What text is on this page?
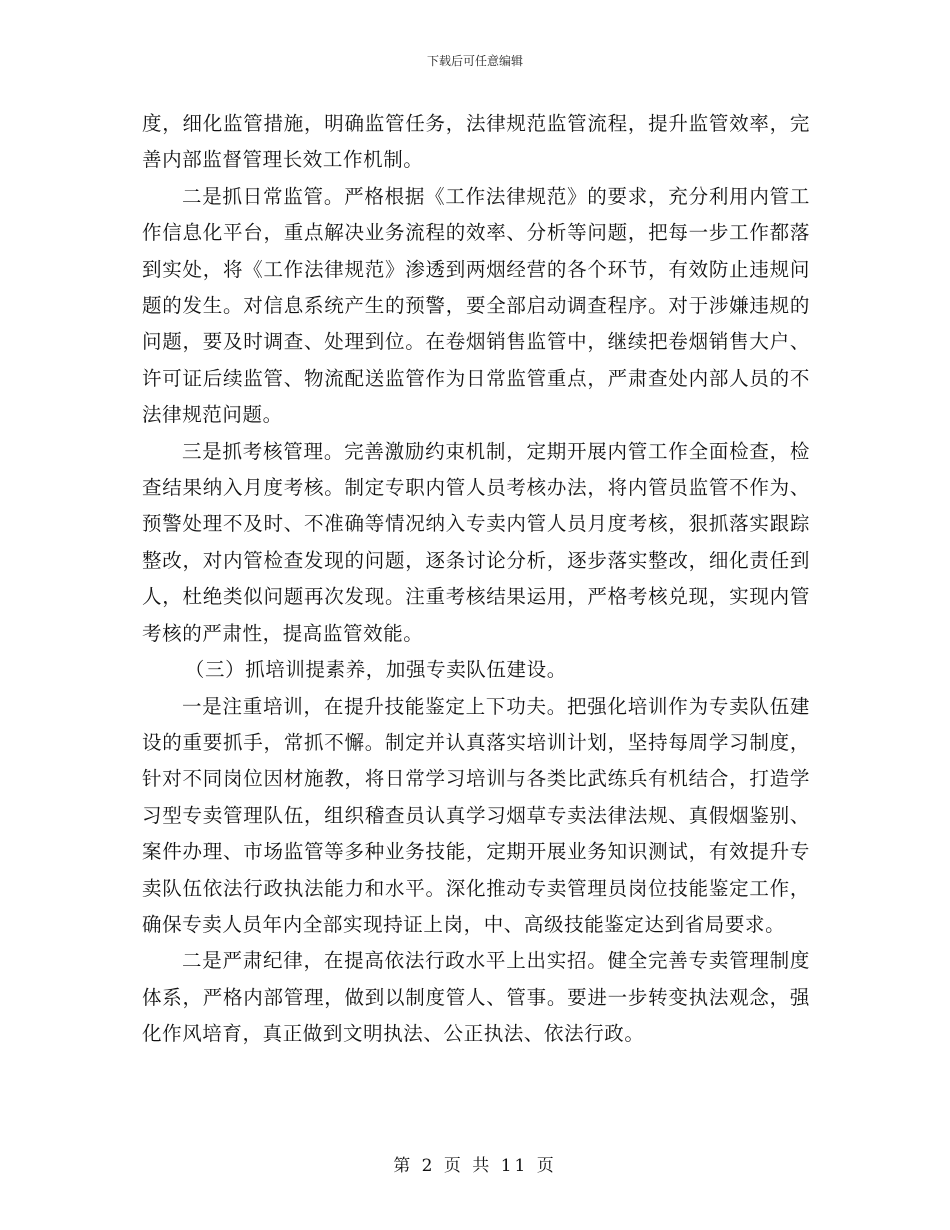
下载后可任意编辑

度，细化监管措施，明确监管任务，法律规范监管流程，提升监管效率，完善内部监督管理长效工作机制。

二是抓日常监管。严格根据《工作法律规范》的要求，充分利用内管工作信息化平台，重点解决业务流程的效率、分析等问题，把每一步工作都落到实处，将《工作法律规范》渗透到两烟经营的各个环节，有效防止违规问题的发生。对信息系统产生的预警，要全部启动调查程序。对于涉嫌违规的问题，要及时调查、处理到位。在卷烟销售监管中，继续把卷烟销售大户、许可证后续监管、物流配送监管作为日常监管重点，严肃查处内部人员的不法律规范问题。

三是抓考核管理。完善激励约束机制，定期开展内管工作全面检查，检查结果纳入月度考核。制定专职内管人员考核办法，将内管员监管不作为、预警处理不及时、不准确等情况纳入专卖内管人员月度考核，狠抓落实跟踪整改，对内管检查发现的问题，逐条讨论分析，逐步落实整改，细化责任到人，杜绝类似问题再次发现。注重考核结果运用，严格考核兑现，实现内管考核的严肃性，提高监管效能。

（三）抓培训提素养，加强专卖队伍建设。

一是注重培训，在提升技能鉴定上下功夫。把强化培训作为专卖队伍建设的重要抓手，常抓不懈。制定并认真落实培训计划，坚持每周学习制度，针对不同岗位因材施教，将日常学习培训与各类比武练兵有机结合，打造学习型专卖管理队伍，组织稽查员认真学习烟草专卖法律法规、真假烟鉴别、案件办理、市场监管等多种业务技能，定期开展业务知识测试，有效提升专卖队伍依法行政执法能力和水平。深化推动专卖管理员岗位技能鉴定工作，确保专卖人员年内全部实现持证上岗，中、高级技能鉴定达到省局要求。

二是严肃纪律，在提高依法行政水平上出实招。健全完善专卖管理制度体系，严格内部管理，做到以制度管人、管事。要进一步转变执法观念，强化作风培育，真正做到文明执法、公正执法、依法行政。

第 2 页 共 11 页
